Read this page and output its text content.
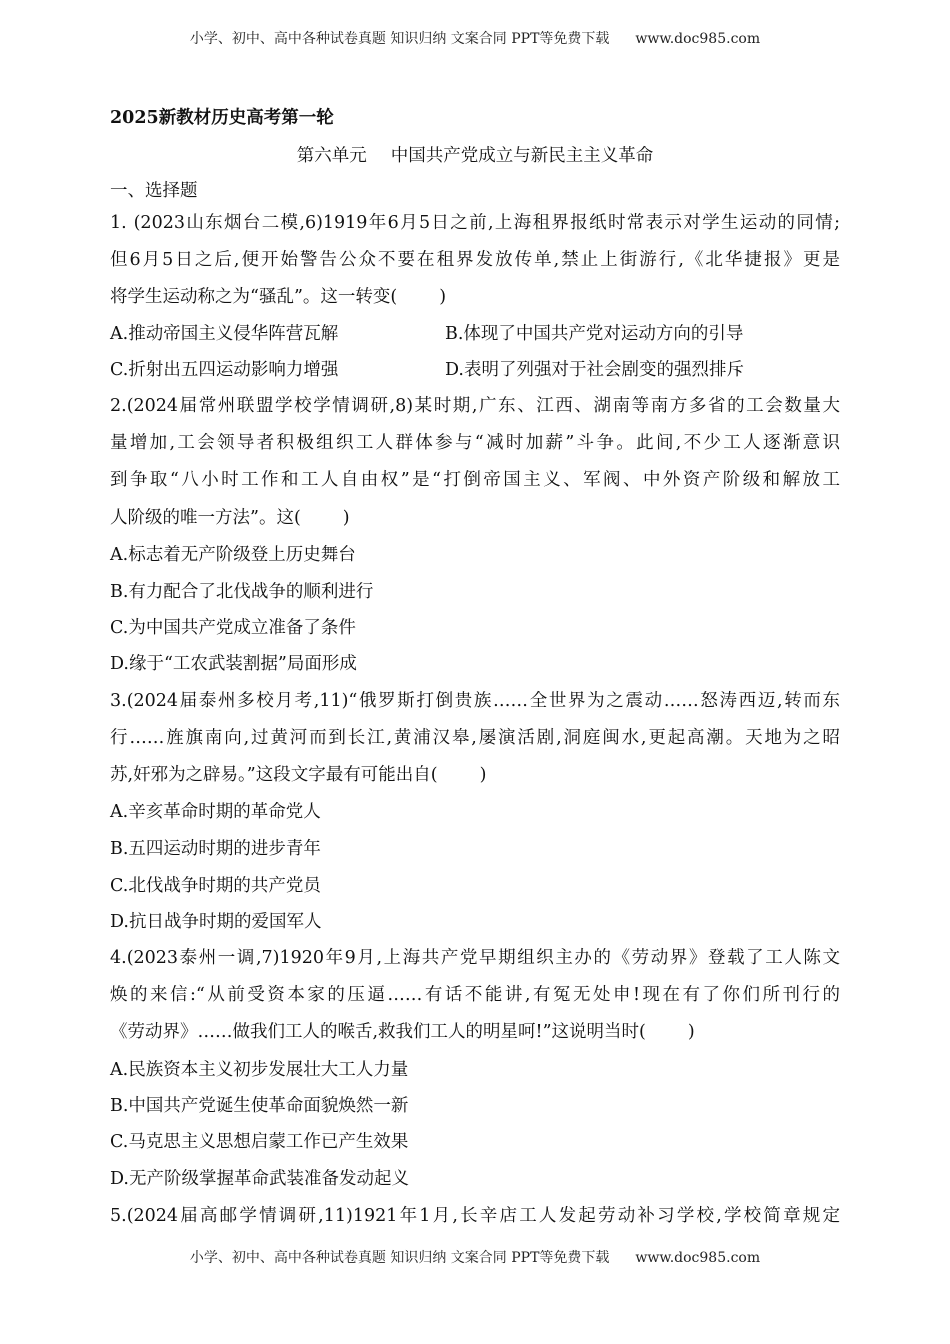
小学、初中、高中各种试卷真题 知识归纳 文案合同 PPT等免费下载 www.doc985.com
2025新教材历史高考第一轮
第六单元 中国共产党成立与新民主主义革命
一、选择题
1. (2023山东烟台二模,6)1919年6月5日之前,上海租界报纸时常表示对学生运动的同情;
但6月5日之后,便开始警告公众不要在租界发放传单,禁止上街游行,《北华捷报》更是
将学生运动称之为“骚乱”。这一转变( )
A.推动帝国主义侵华阵营瓦解	B.体现了中国共产党对运动方向的引导
C.折射出五四运动影响力增强	D.表明了列强对于社会剧变的强烈排斥
2.(2024届常州联盟学校学情调研,8)某时期,广东、江西、湖南等南方多省的工会数量大
量增加,工会领导者积极组织工人群体参与“减时加薪”斗争。此间,不少工人逐渐意识
到争取“八小时工作和工人自由权”是“打倒帝国主义、军阀、中外资产阶级和解放工
人阶级的唯一方法”。这( )
A.标志着无产阶级登上历史舞台
B.有力配合了北伐战争的顺利进行
C.为中国共产党成立准备了条件
D.缘于“工农武装割据”局面形成
3.(2024届泰州多校月考,11)“俄罗斯打倒贵族……全世界为之震动……怒涛西迈,转而东
行……旌旗南向,过黄河而到长江,黄浦汉皋,屡演活剧,洞庭闽水,更起高潮。天地为之昭
苏,奸邪为之辟易。”这段文字最有可能出自( )
A.辛亥革命时期的革命党人
B.五四运动时期的进步青年
C.北伐战争时期的共产党员
D.抗日战争时期的爱国军人
4.(2023泰州一调,7)1920年9月,上海共产党早期组织主办的《劳动界》登载了工人陈文
焕的来信:“从前受资本家的压逼……有话不能讲,有冤无处申!现在有了你们所刊行的
《劳动界》……做我们工人的喉舌,救我们工人的明星呵!”这说明当时( )
A.民族资本主义初步发展壮大工人力量
B.中国共产党诞生使革命面貌焕然一新
C.马克思主义思想启蒙工作已产生效果
D.无产阶级掌握革命武装准备发动起义
5.(2024届高邮学情调研,11)1921年1月,长辛店工人发起劳动补习学校,学校简章规定
小学、初中、高中各种试卷真题 知识归纳 文案合同 PPT等免费下载 www.doc985.com
